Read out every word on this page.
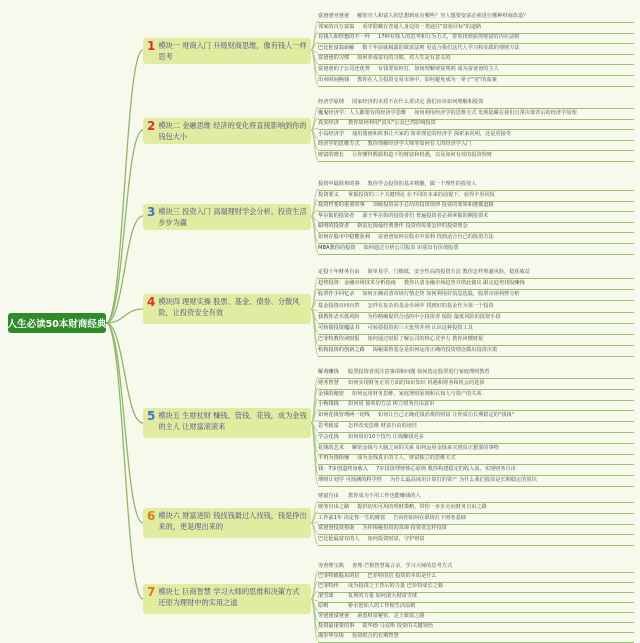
人生必读50本财商经典
1 模块一 财商入门 升级财商思维，像有钱人一样思考
富爸爸穷爸爸 解密穷人和富人的思想到底有哪些？穷人想要变富必须进行哪种财商改造？
邻家的百万富翁 看穿隐藏在普通人身边的一类通往"富裕目标"的道路
有钱人和你想的不一样 17种有钱人的思考和行为方式，帮你找到获得财富的内在法则
巴比伦富翁新解 数千年前就揭露的致富法则 更适合我们这代人学习和实践的理财方法
富爸爸的习惯 如何养成富有的习惯，对人生是有意义的
富爸爸的子公司还优势 有钱要如何打，如何理解财富规则 成为富爸爸的主人
出卖时间换钱 教你在人力投资交易市场中，如何避免成为一辈子"穷"的血案
2 模块二 金融思维 经济的变化将直接影响到你的钱包大小
经济学原理 国家经济的本质不在什么常决定 我们应该如何理解和投资
魔鬼经济学：人人都要有的经济学思维 如何利用经济学的思维方式 发现隐藏在我们日常决策背后的经济学原理
真实经济 教你如何利用"真实"公众已然影响投资
小岛经济学 通用图画和故事让大家的 简单理论的经济学 探索来说明，还是更接受
经济学的思维方式 教你理解经济学大师等如何有人的经济学入门
财富的增长 让你懂得数据构造下的财富和机遇，以及如何有效的投资理财
3 模块三 投资入门 高端理财学会分析。投资生活步步为赢
投资中最简单的事 教你学会投资的基本精髓，做一个理性的投资人
投资要义 掌握投资的三个关键理论 在不同的本来的前提下，获得丰厚回报
投资哲要的重要的事 顶级投资高手总结的投资规律 投资的要领和遵循道路
华尔街的投资者 源于华尔街的投资者们 普遍投资者必须掌握的侧投资术
聪明的投资者 格雷厄姆最经典著作 投资你需要怎样的投资理念
如何在股市中稳健获利 富爸爸如何在股市中获利 找到适合自己的投资方法
MBA教你的投资 如何通过分析公司报表 识别出有价值股票
4 模块四 理财实操 股票、基金、债券、分散风险，让投资安全有效
定投十年财务自由 简单易学，门槛低，安全性高的投资方法 教你怎样规避风险，稳获收益
趋势投资：金融市场技术分析指南 教你认清金融市场趋势并借此做出 跟走趋势找股赚钱
股票作手回忆录 如何正确看清市场行情走势 如何利用好消息选股，股票市场利弊分析
基金投资百问百答 怎样在复杂的基金市场中 找到好的基金作为第一个投资
我教你去买低风险 为你精确提供合适的中小投资者 保险 最低风险的投资手段
可转债投资魔法书 可转债投资的三大优势并列 认识这种投资工具
巴菲特教你读财报 如何通过财报了解公司的核心竞争力 教你读懂财报
机构投资的创新之路 揭秘耶鲁基金是如何运用正确的投资理念做出投资决策
5 模块五 生财杖财 赚钱、管钱、花钱，成为金钱的主人 让财富滚滚来
解毒赚钱 股票投资者需注意事项和问题 如何选定股票进行家庭理财教育
财务智慧 如何实现财务正常方面的知识知识 机遇和财务和机会的选择
金钱的秘密 如何运用财务思维，家庭理财原则和认知人与资产的关系
小狗钱钱 如何用 简单的方法 树立财务自由意识
如何花钱管理两一切线 如何让自己正确花钱消费的财富 让你成功长期稳定的"钱钱"
思考致富 怎样改变思维 财富自由的途径
学会花钱 如何用好10个技巧 让钱赚钱更多
花钱的艺术 解密金钱与大脑之间的关系 如何运用金钱来买到真正想要的事物
不再为钱烦恼 成为金钱真正的主人，财富独立的思维方式
钱：7步创造终身收入 7步投资理财核心原则 教你构建稳定的收入流，实现财务自由
理财计划学 可预测的科学性 为什么最高度用计算打的资产 为什么我们投资是长期稳定的常识
6 模块六 财富进阶 钱找钱最过人找钱，钱是挣出来的，更是理出来的
财富自由 教你成为不用工作也能赚钱的人
财务自由之路 提供切实可用的理财策略，带你一步步走向财务自由之路
工作前1年 决定你一生的财富 告诉你如何在职场打下财务基础
富爸爸投资指南 为你揭秘投资的真谛 投资者怎样投资
巴比伦最富有的人 如何投资财富，守护财富
7 模块七 巨商智慧 学习大师的思维和决策方式 还原为理财中的实用之道
穷查理宝典 查理·芒格智慧箴言录，学习大师的思考方式
巴菲特致股东的信 巴菲特的信 投资的本质是什么
巴菲特传 成为投资之王背后的力量 巴菲特成长之路
滚雪球	复利的力量 如何滚大财富雪球
原则	桥水创始人的工作和生活原则
穷爸爸富爸爸 洞悉财富秘密，走上致富之路
投资最重要的事 霍华德·马克斯 投资的关键领悟
漫步华尔街 投资组合的长期智慧
